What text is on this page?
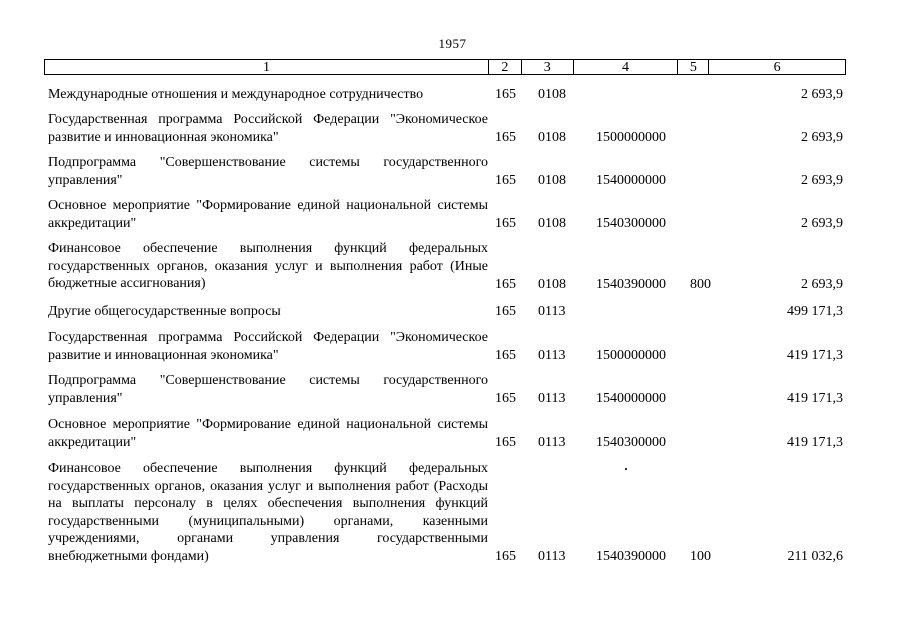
1957
1	2	3	4	5	6
Международные отношения и международное сотрудничество	165 0108	2 693,9
Государственная программа Российской Федерации "Экономическое развитие и инновационная экономика"	165 0108 1500000000	2 693,9
Подпрограмма "Совершенствование системы государственного управления"	165 0108 1540000000	2 693,9
Основное мероприятие "Формирование единой национальной системы аккредитации"	165 0108 1540300000	2 693,9
Финансовое обеспечение выполнения функций федеральных государственных органов, оказания услуг и выполнения работ (Иные бюджетные ассигнования)	165 0108 1540390000 800	2 693,9
Другие общегосударственные вопросы	165 0113	499 171,3
Государственная программа Российской Федерации "Экономическое развитие и инновационная экономика"	165 0113 1500000000	419 171,3
Подпрограмма "Совершенствование системы государственного управления"	165 0113 1540000000	419 171,3
Основное мероприятие "Формирование единой национальной системы аккредитации"	165 0113 1540300000	419 171,3
Финансовое обеспечение выполнения функций федеральных государственных органов, оказания услуг и выполнения работ (Расходы на выплаты персоналу в целях обеспечения выполнения функций государственными (муниципальными) органами, казенными учреждениями, органами управления государственными внебюджетными фондами)	165 0113 1540390000 100	211 032,6
